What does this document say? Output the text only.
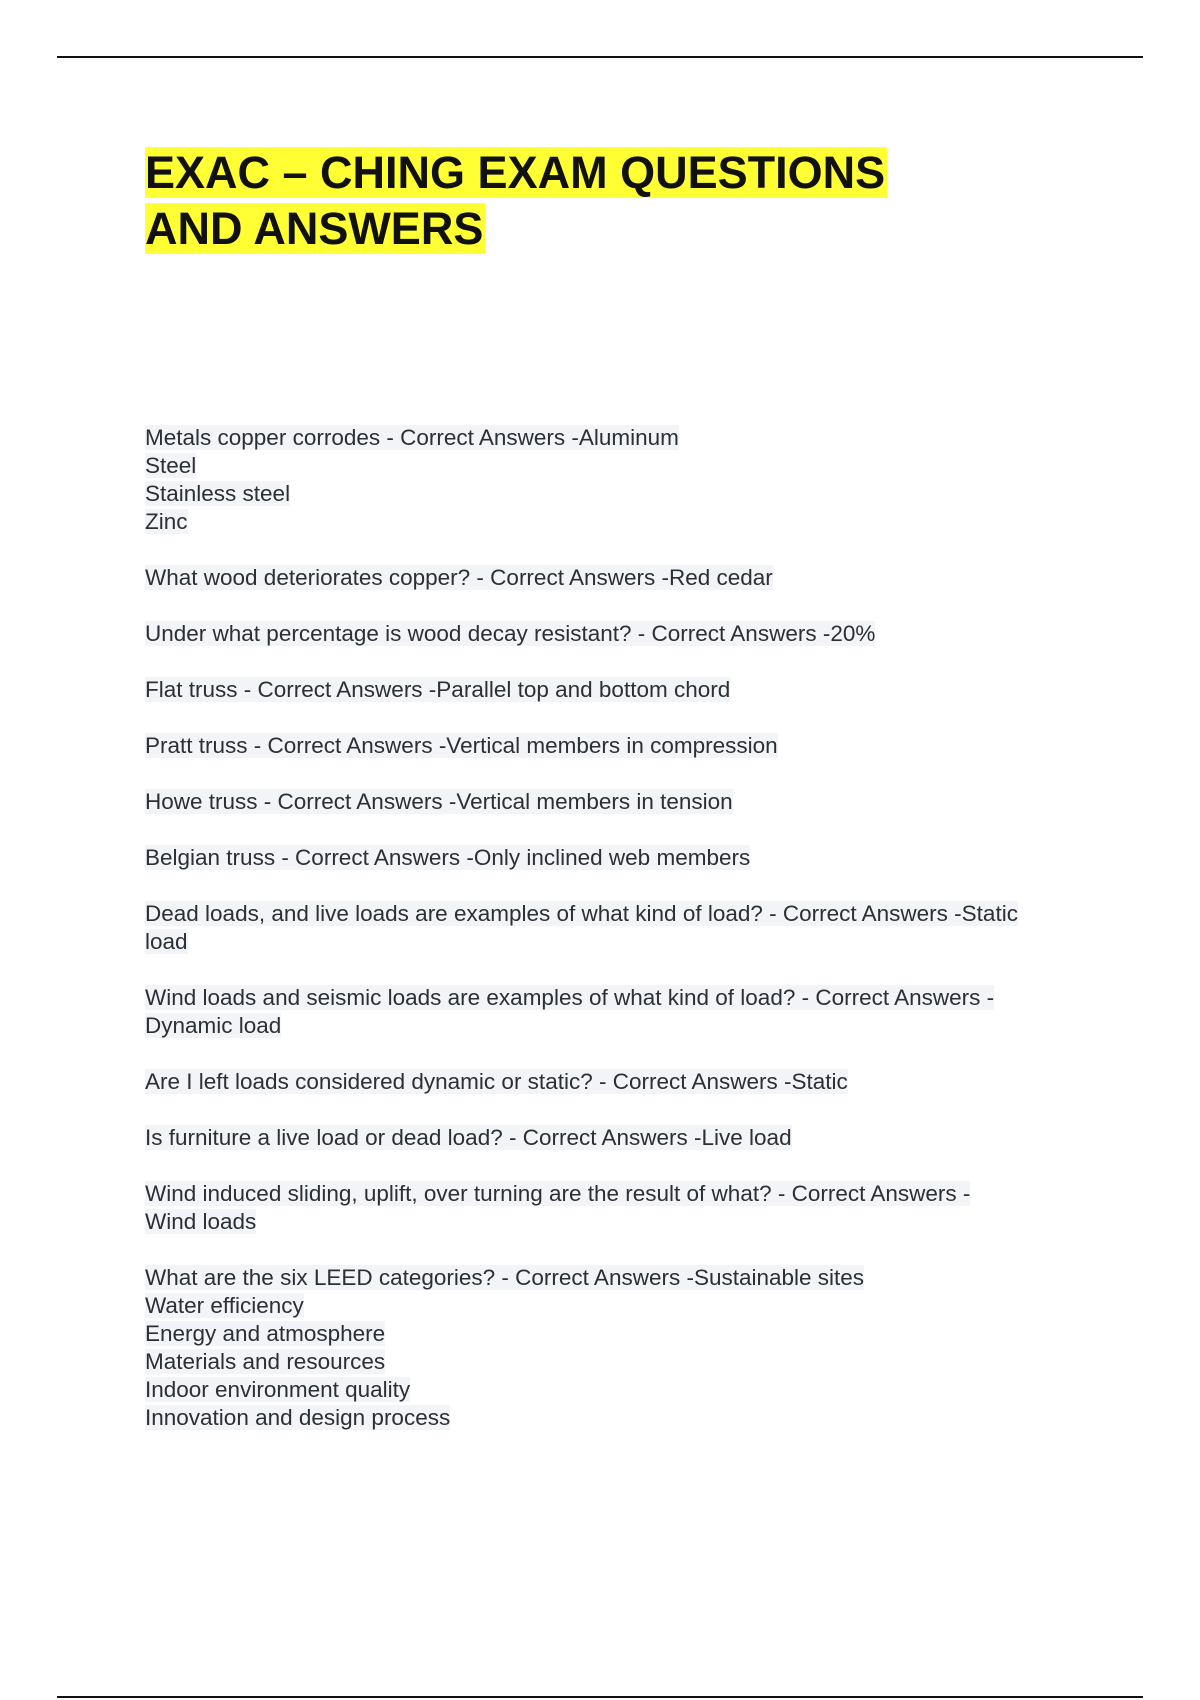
EXAC – CHING EXAM QUESTIONS
AND ANSWERS
Metals copper corrodes - Correct Answers -Aluminum
Steel
Stainless steel
Zinc
What wood deteriorates copper? - Correct Answers -Red cedar
Under what percentage is wood decay resistant? - Correct Answers -20%
Flat truss - Correct Answers -Parallel top and bottom chord
Pratt truss - Correct Answers -Vertical members in compression
Howe truss - Correct Answers -Vertical members in tension
Belgian truss - Correct Answers -Only inclined web members
Dead loads, and live loads are examples of what kind of load? - Correct Answers -Static
load
Wind loads and seismic loads are examples of what kind of load? - Correct Answers -
Dynamic load
Are I left loads considered dynamic or static? - Correct Answers -Static
Is furniture a live load or dead load? - Correct Answers -Live load
Wind induced sliding, uplift, over turning are the result of what? - Correct Answers -
Wind loads
What are the six LEED categories? - Correct Answers -Sustainable sites
Water efficiency
Energy and atmosphere
Materials and resources
Indoor environment quality
Innovation and design process
